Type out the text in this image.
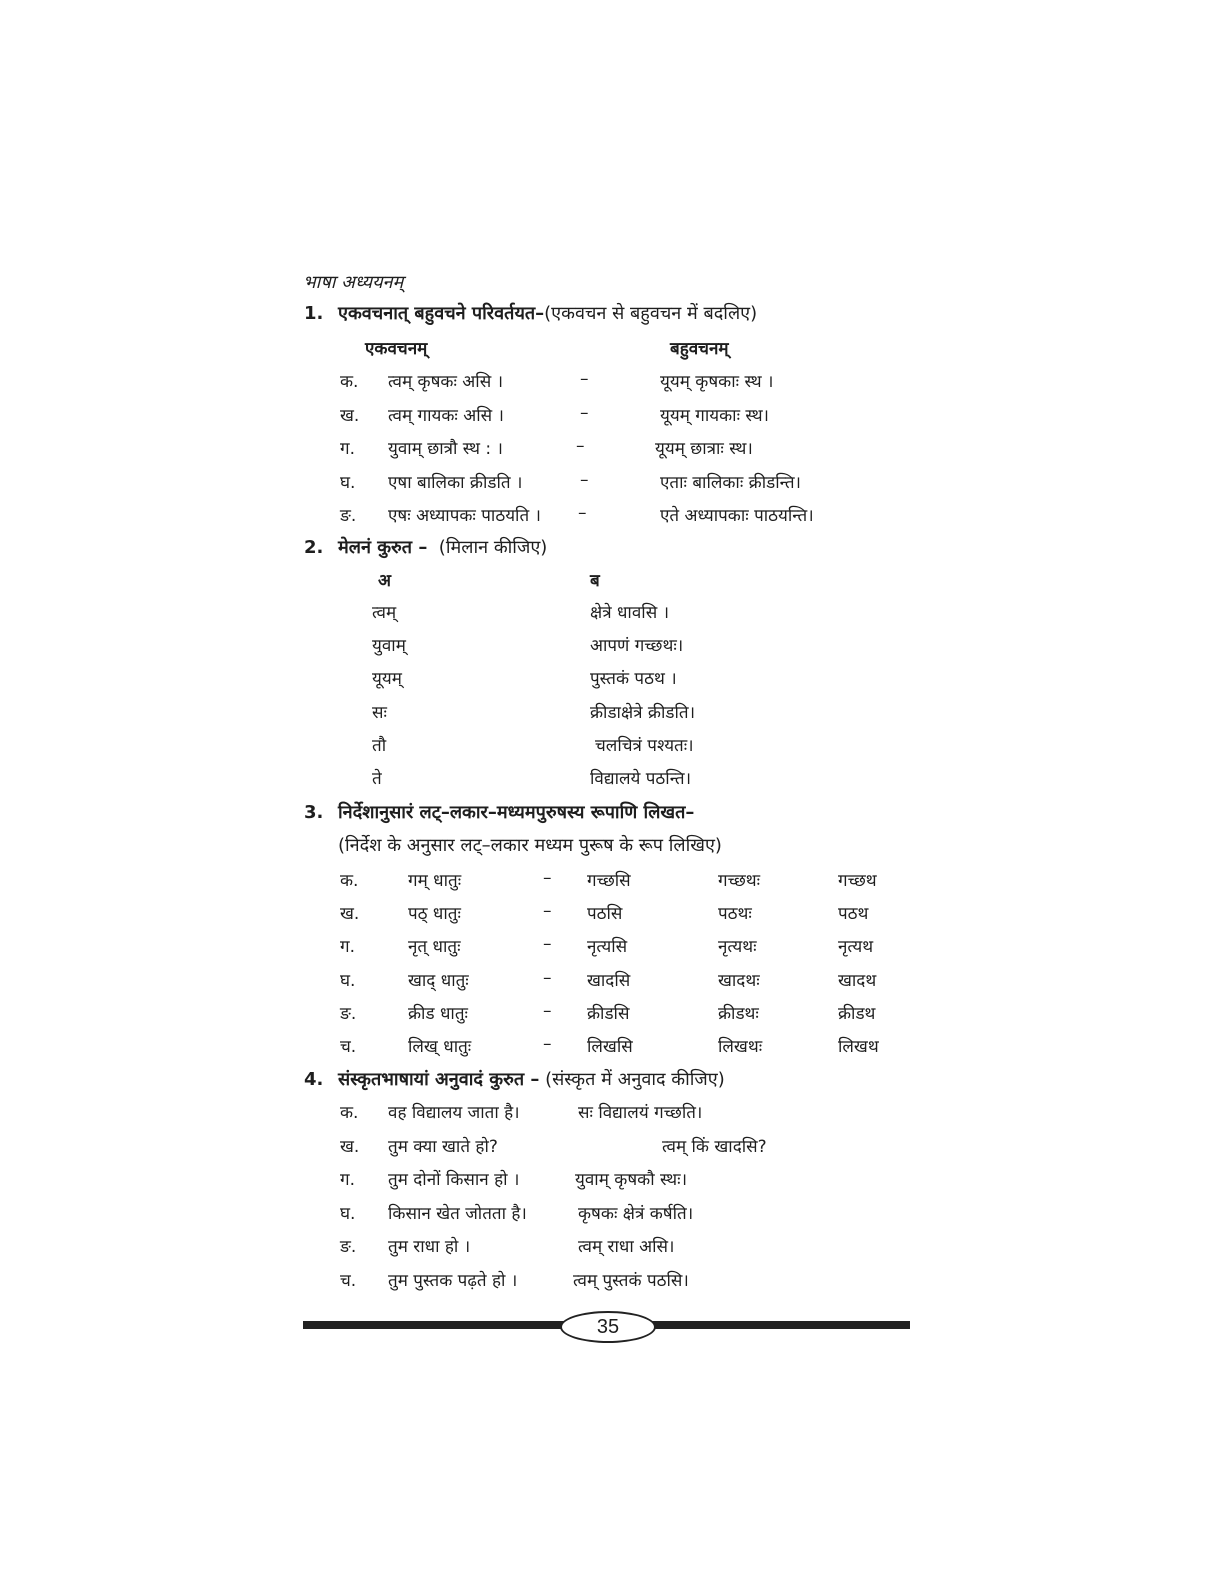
भाषा अध्ययनम्
1. एकवचनात् बहुवचने परिवर्तयत–(एकवचन से बहुवचन में बदलिए)
एकवचनम्	बहुवचनम्
क. त्वम् कृषकः असि ।	–	यूयम् कृषकाः स्थ ।
ख. त्वम् गायकः असि ।	–	यूयम् गायकाः स्थ।
ग. युवाम् छात्रौ स्थ : ।	–	यूयम् छात्राः स्थ।
घ. एषा बालिका क्रीडति ।	–	एताः बालिकाः क्रीडन्ति।
ङ. एषः अध्यापकः पाठयति । –	एते अध्यापकाः पाठयन्ति।
2. मेलनं कुरुत – (मिलान कीजिए)
अ	ब
त्वम्	क्षेत्रे धावसि ।
युवाम्	आपणं गच्छथः।
यूयम्	पुस्तकं पठथ ।
सः	क्रीडाक्षेत्रे क्रीडति।
तौ	चलचित्रं पश्यतः।
ते	विद्यालये पठन्ति।
3. निर्देशानुसारं लट्–लकार–मध्यमपुरुषस्य रूपाणि लिखत–
(निर्देश के अनुसार लट्–लकार मध्यम पुरूष के रूप लिखिए)
क.	गम् धातुः	– गच्छसि	गच्छथः	गच्छथ
ख.	पठ् धातुः	– पठसि	पठथः	पठथ
ग.	नृत् धातुः	– नृत्यसि	नृत्यथः	नृत्यथ
घ.	खाद् धातुः	– खादसि	खादथः	खादथ
ङ.	क्रीड धातुः	– क्रीडसि	क्रीडथः	क्रीडथ
च.	लिख् धातुः	– लिखसि	लिखथः	लिखथ
4. संस्कृतभाषायां अनुवादं कुरुत – (संस्कृत में अनुवाद कीजिए)
क. वह विद्यालय जाता है।	सः विद्यालयं गच्छति।
ख. तुम क्या खाते हो?	त्वम् किं खादसि?
ग. तुम दोनों किसान हो ।	युवाम् कृषकौ स्थः।
घ. किसान खेत जोतता है।	कृषकः क्षेत्रं कर्षति।
ङ. तुम राधा हो ।	त्वम् राधा असि।
च. तुम पुस्तक पढ़ते हो ।	त्वम् पुस्तकं पठसि।
35
